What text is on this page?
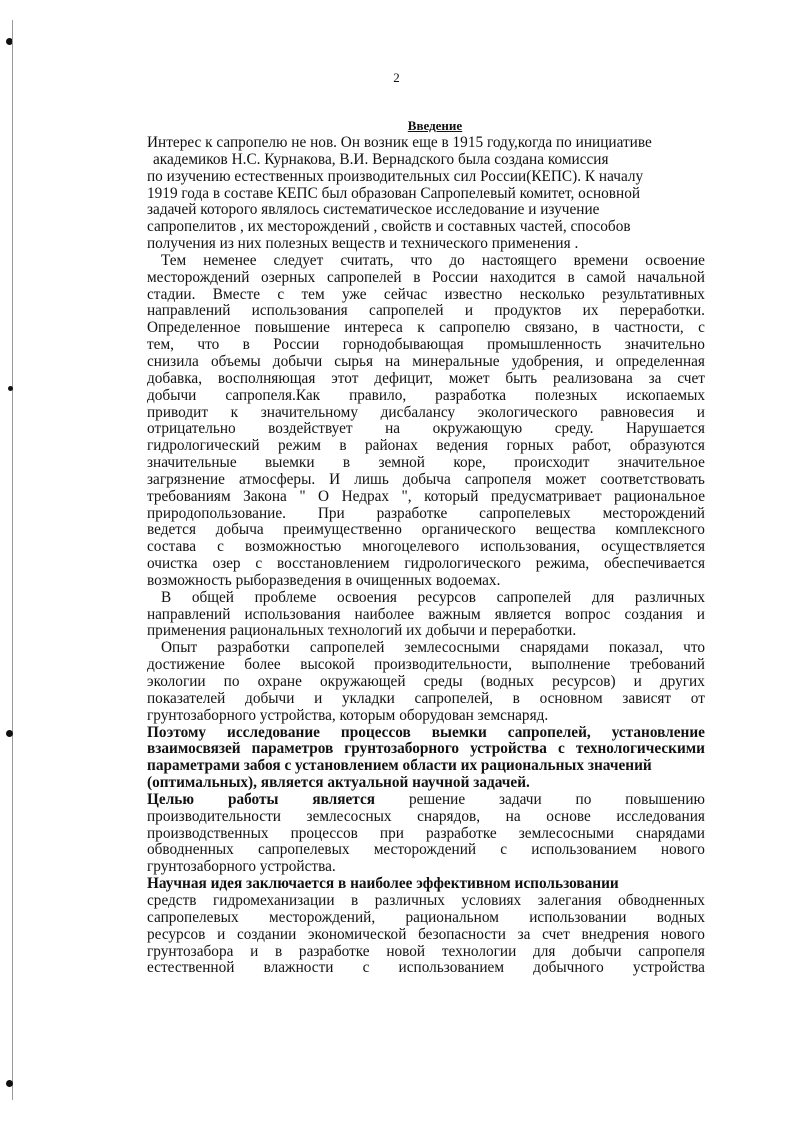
2
Введение
Интерес к сапропелю не нов. Он возник еще в 1915 году,когда по инициативе
академиков Н.С. Курнакова, В.И. Вернадского была создана комиссия
по изучению естественных производительных сил России(КЕПС). К началу
1919 года в составе КЕПС был образован Сапропелевый комитет, основной
задачей которого являлось систематическое исследование и изучение
сапропелитов , их месторождений , свойств и составных частей, способов
получения из них полезных веществ и технического применения .
Тем неменее следует считать, что до настоящего времени освоение
месторождений озерных сапропелей в России находится в самой начальной
стадии. Вместе с тем уже сейчас известно несколько результативных
направлений использования сапропелей и продуктов их переработки.
Определенное повышение интереса к сапропелю связано, в частности, с
тем, что в России горнодобывающая промышленность значительно
снизила объемы добычи сырья на минеральные удобрения, и определенная
добавка, восполняющая этот дефицит, может быть реализована за счет
добычи сапропеля.Как правило, разработка полезных ископаемых
приводит к значительному дисбалансу экологического равновесия и
отрицательно воздействует на окружающую среду. Нарушается
гидрологический режим в районах ведения горных работ, образуются
значительные выемки в земной коре, происходит значительное
загрязнение атмосферы. И лишь добыча сапропеля может соответствовать
требованиям Закона " О Недрах ", который предусматривает рациональное
природопользование. При разработке сапропелевых месторождений
ведется добыча преимущественно органического вещества комплексного
состава с возможностью многоцелевого использования, осуществляется
очистка озер с восстановлением гидрологического режима, обеспечивается
возможность рыборазведения в очищенных водоемах.
В общей проблеме освоения ресурсов сапропелей для различных
направлений использования наиболее важным является вопрос создания и
применения рациональных технологий их добычи и переработки.
Опыт разработки сапропелей землесосными снарядами показал, что
достижение более высокой производительности, выполнение требований
экологии по охране окружающей среды (водных ресурсов) и других
показателей добычи и укладки сапропелей, в основном зависят от
грунтозаборного устройства, которым оборудован земснаряд.
Поэтому исследование процессов выемки сапропелей, установление
взаимосвязей параметров грунтозаборного устройства с технологическими
параметрами забоя с установлением области их рациональных значений
(оптимальных), является актуальной научной задачей.
Целью работы является решение задачи по повышению
производительности землесосных снарядов, на основе исследования
производственных процессов при разработке землесосными снарядами
обводненных сапропелевых месторождений с использованием нового
грунтозаборного устройства.
Научная идея заключается в наиболее эффективном использовании
средств гидромеханизации в различных условиях залегания обводненных
сапропелевых месторождений, рациональном использовании водных
ресурсов и создании экономической безопасности за счет внедрения нового
грунтозабора и в разработке новой технологии для добычи сапропеля
естественной влажности с использованием добычного устройства
